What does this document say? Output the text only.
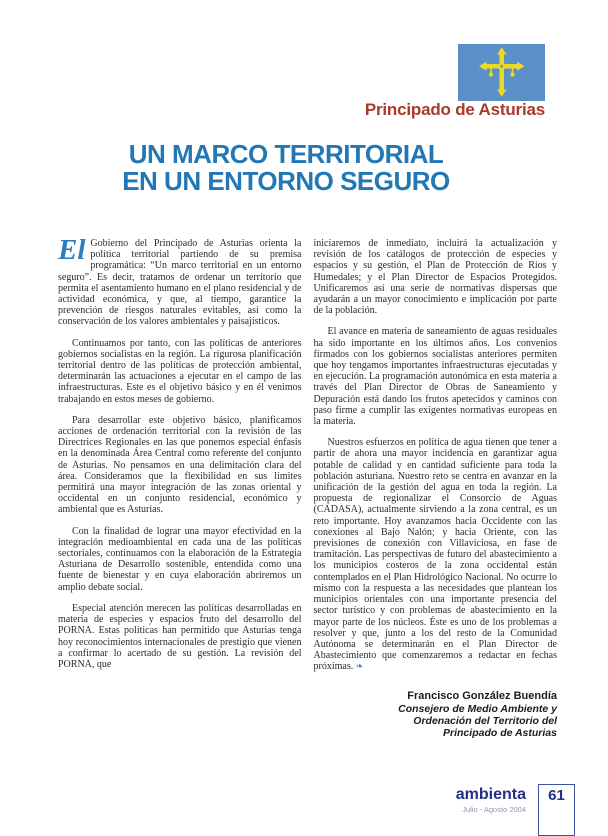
Principado de Asturias
UN MARCO TERRITORIAL
EN UN ENTORNO SEGURO

El Gobierno del Principado de Asturias orienta la política territorial partiendo de su premisa programática: “Un marco territorial en un entorno seguro”. Es decir, tratamos de ordenar un territorio que permita el asentamiento humano en el plano residencial y de actividad económica, y que, al tiempo, garantice la prevención de riesgos naturales evitables, así como la conservación de los valores ambientales y paisajísticos.

Continuamos por tanto, con las políticas de anteriores gobiernos socialistas en la región. La rigurosa planificación territorial dentro de las políticas de protección ambiental, determinarán las actuaciones a ejecutar en el campo de las infraestructuras. Este es el objetivo básico y en él venimos trabajando en estos meses de gobierno.

Para desarrollar este objetivo básico, planificamos acciones de ordenación territorial con la revisión de las Directrices Regionales en las que ponemos especial énfasis en la denominada Área Central como referente del conjunto de Asturias. No pensamos en una delimitación clara del área. Consideramos que la flexibilidad en sus límites permitirá una mayor integración de las zonas oriental y occidental en un conjunto residencial, económico y ambiental que es Asturias.

Con la finalidad de lograr una mayor efectividad en la integración medioambiental en cada una de las políticas sectoriales, continuamos con la elaboración de la Estrategia Asturiana de Desarrollo sostenible, entendida como una fuente de bienestar y en cuya elaboración abriremos un amplio debate social.

Especial atención merecen las políticas desarrolladas en materia de especies y espacios fruto del desarrollo del PORNA. Estas políticas han permitido que Asturias tenga hoy reconocimientos internacionales de prestigio que vienen a confirmar lo acertado de su gestión. La revisión del PORNA, que

iniciaremos de inmediato, incluirá la actualización y revisión de los catálogos de protección de especies y espacios y su gestión, el Plan de Protección de Ríos y Humedales; y el Plan Director de Espacios Protegidos. Unificaremos así una serie de normativas dispersas que ayudarán a un mayor conocimiento e implicación por parte de la población.

El avance en materia de saneamiento de aguas residuales ha sido importante en los últimos años. Los convenios firmados con los gobiernos socialistas anteriores permiten que hoy tengamos importantes infraestructuras ejecutadas y en ejecución. La programación autonómica en esta materia a través del Plan Director de Obras de Saneamiento y Depuración está dando los frutos apetecidos y caminos con paso firme a cumplir las exigentes normativas europeas en la materia.

Nuestros esfuerzos en política de agua tienen que tener a partir de ahora una mayor incidencia en garantizar agua potable de calidad y en cantidad suficiente para toda la población asturiana. Nuestro reto se centra en avanzar en la unificación de la gestión del agua en toda la región. La propuesta de regionalizar el Consorcio de Aguas (CADASA), actualmente sirviendo a la zona central, es un reto importante. Hoy avanzamos hacia Occidente con las conexiones al Bajo Nalón; y hacia Oriente, con las previsiones de conexión con Villaviciosa, en fase de tramitación. Las perspectivas de futuro del abastecimiento a los municipios costeros de la zona occidental están contemplados en el Plan Hidrológico Nacional. No ocurre lo mismo con la respuesta a las necesidades que plantean los municipios orientales con una importante presencia del sector turístico y con problemas de abastecimiento en la mayor parte de los núcleos. Éste es uno de los problemas a resolver y que, junto a los del resto de la Comunidad Autónoma se determinarán en el Plan Director de Abastecimiento que comenzaremos a redactar en fechas próximas. ❧

Francisco González Buendía
Consejero de Medio Ambiente y
Ordenación del Territorio del
Principado de Asturias
ambienta
Julio - Agosto 2004
61
